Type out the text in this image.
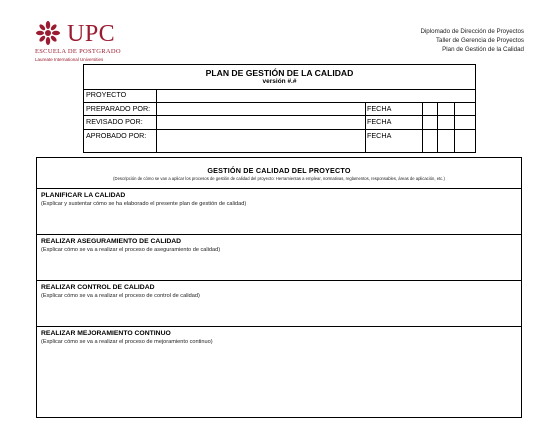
UPC
ESCUELA DE POSTGRADO
Laureate International Universities
Diplomado de Dirección de Proyectos
Taller de Gerencia de Proyectos
Plan de Gestión de la Calidad
PLAN DE GESTIÓN DE LA CALIDAD
versión #.#
PROYECTO
PREPARADO POR:	FECHA
REVISADO POR:	FECHA
APROBADO POR:	FECHA
GESTIÓN DE CALIDAD DEL PROYECTO
(Descripción de cómo se van a aplicar los procesos de gestión de calidad del proyecto: Herramientas a emplear, normativas, reglamentos, responsables, áreas de aplicación, etc.)
PLANIFICAR LA CALIDAD
(Explicar y sustentar cómo se ha elaborado el presente plan de gestión de calidad)
REALIZAR ASEGURAMIENTO DE CALIDAD
(Explicar cómo se va a realizar el proceso de aseguramiento de calidad)
REALIZAR CONTROL DE CALIDAD
(Explicar cómo se va a realizar el proceso de control de calidad)
REALIZAR MEJORAMIENTO CONTINUO
(Explicar cómo se va a realizar el proceso de mejoramiento continuo)
